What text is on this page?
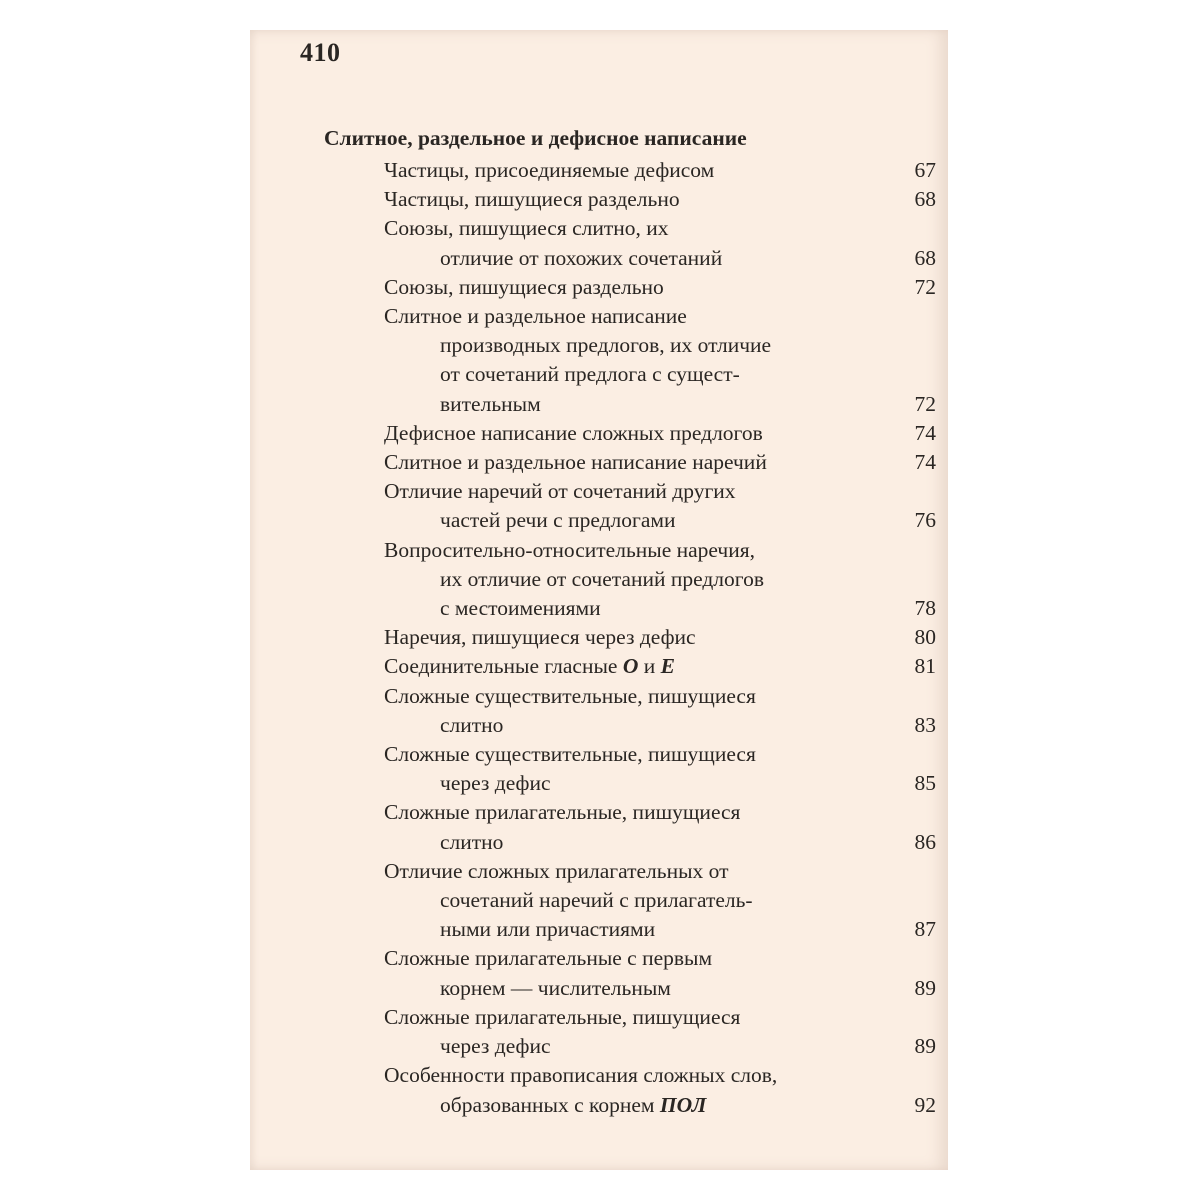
410
Слитное, раздельное и дефисное написание
Частицы, присоединяемые дефисом	67
Частицы, пишущиеся раздельно	68
Союзы, пишущиеся слитно, их
отличие от похожих сочетаний	68
Союзы, пишущиеся раздельно	72
Слитное и раздельное написание
производных предлогов, их отличие
от сочетаний предлога с сущест-
вительным	72
Дефисное написание сложных предлогов	74
Слитное и раздельное написание наречий	74
Отличие наречий от сочетаний других
частей речи с предлогами	76
Вопросительно-относительные наречия,
их отличие от сочетаний предлогов
с местоимениями	78
Наречия, пишущиеся через дефис	80
Соединительные гласные О и Е	81
Сложные существительные, пишущиеся
слитно	83
Сложные существительные, пишущиеся
через дефис	85
Сложные прилагательные, пишущиеся
слитно	86
Отличие сложных прилагательных от
сочетаний наречий с прилагатель-
ными или причастиями	87
Сложные прилагательные с первым
корнем — числительным	89
Сложные прилагательные, пишущиеся
через дефис	89
Особенности правописания сложных слов,
образованных с корнем ПОЛ	92
